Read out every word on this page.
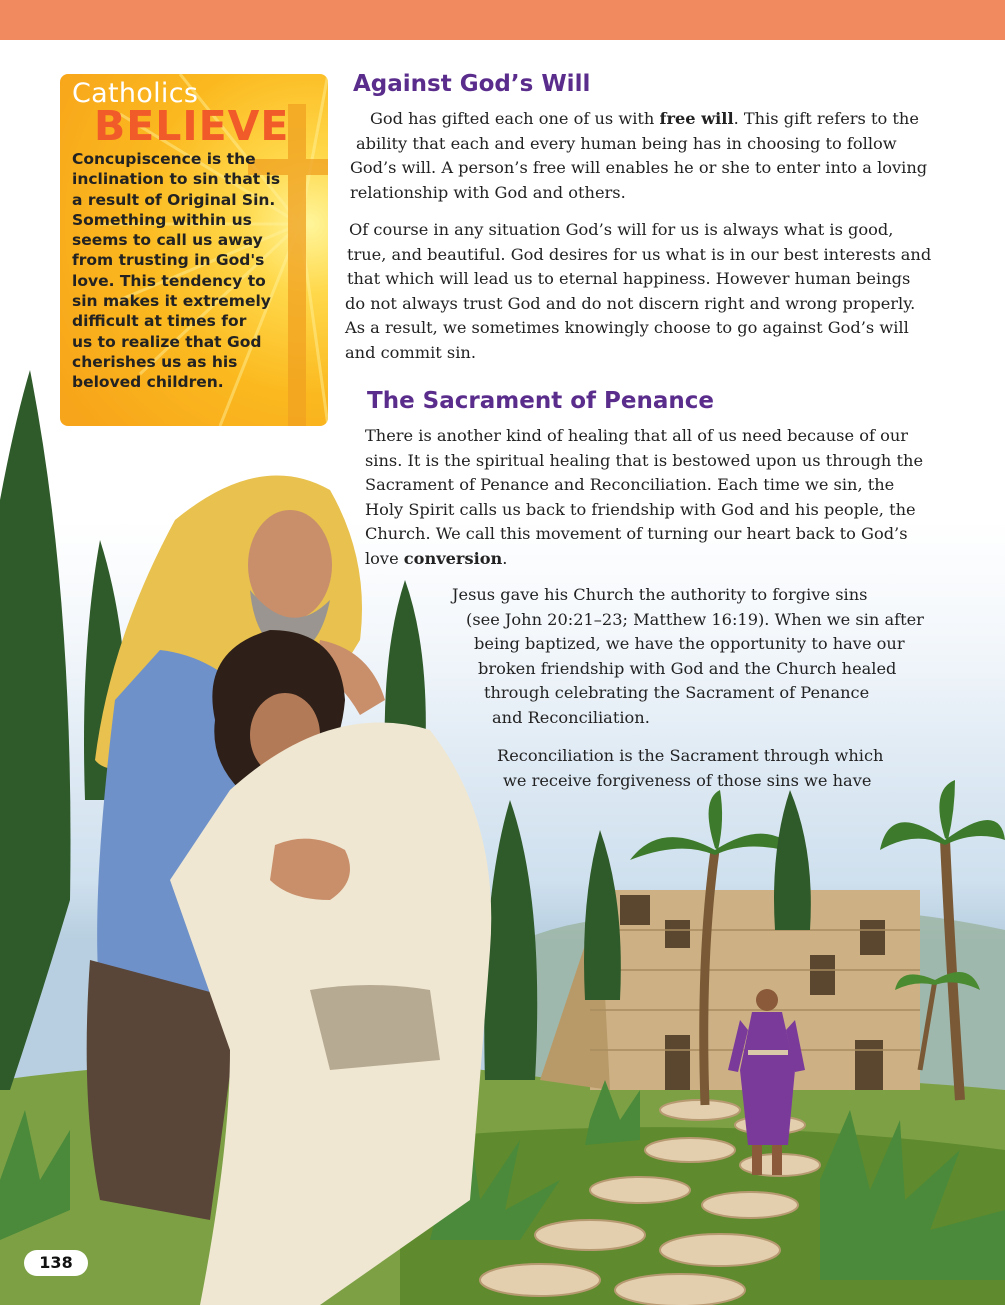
Catholics

BELIEVE

Concupiscence is the
inclination to sin that is
a result of Original Sin.
Something within us
seems to call us away
from trusting in God's
love. This tendency to
sin makes it extremely
difficult at times for
us to realize that God
cherishes us as his
beloved children.

Against God’s Will

God has gifted each one of us with free will. This gift refers to the
ability that each and every human being has in choosing to follow
God’s will. A person’s free will enables he or she to enter into a loving
relationship with God and others.

Of course in any situation God’s will for us is always what is good,
true, and beautiful. God desires for us what is in our best interests and
that which will lead us to eternal happiness. However human beings
do not always trust God and do not discern right and wrong properly.
As a result, we sometimes knowingly choose to go against God’s will
and commit sin.

The Sacrament of Penance

There is another kind of healing that all of us need because of our
sins. It is the spiritual healing that is bestowed upon us through the
Sacrament of Penance and Reconciliation. Each time we sin, the
Holy Spirit calls us back to friendship with God and his people, the
Church. We call this movement of turning our heart back to God’s
love conversion.

Jesus gave his Church the authority to forgive sins
(see John 20:21–23; Matthew 16:19). When we sin after
being baptized, we have the opportunity to have our
broken friendship with God and the Church healed
through celebrating the Sacrament of Penance
and Reconciliation.

Reconciliation is the Sacrament through which
we receive forgiveness of those sins we have

138
